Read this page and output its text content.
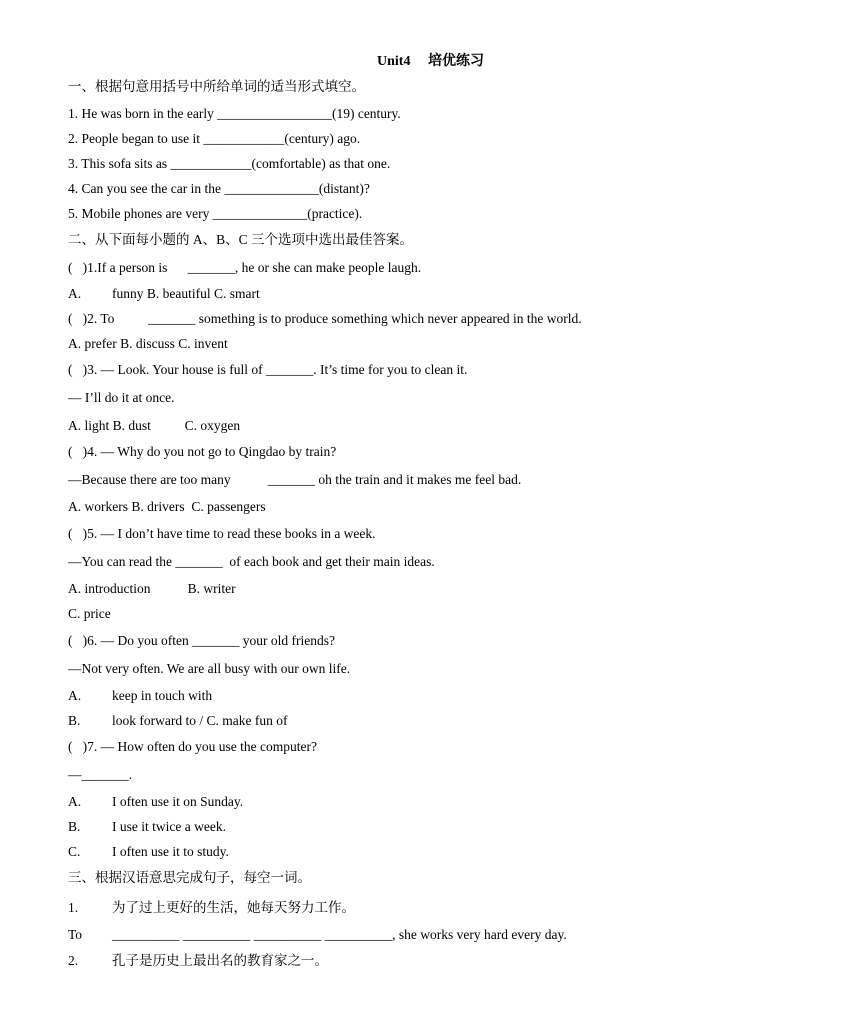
Unit4     培优练习
一、根据句意用括号中所给单词的适当形式填空。
1. He was born in the early _________________(19) century.
2. People began to use it ____________(century) ago.
3. This sofa sits as ____________(comfortable) as that one.
4. Can you see the car in the ______________(distant)?
5. Mobile phones are very ______________(practice).
二、从下面每小题的 A、B、C 三个选项中选出最佳答案。
(   )1.If a person is      _______, he or she can make people laugh.
A. funny B. beautiful C. smart
(   )2. To          _______ something is to produce something which never appeared in the world.
A. prefer B. discuss C. invent
(   )3. — Look. Your house is full of _______. It’s time for you to clean it.
— I’ll do it at once.
A. light B. dust          C. oxygen
(   )4. — Why do you not go to Qingdao by train?
—Because there are too many           _______ oh the train and it makes me feel bad.
A. workers B. drivers  C. passengers
(   )5. — I don’t have time to read these books in a week.
—You can read the _______  of each book and get their main ideas.
A. introduction           B. writer
C. price
(   )6. — Do you often _______ your old friends?
—Not very often. We are all busy with our own life.
A. keep in touch with
B. look forward to / C. make fun of
(   )7. — How often do you use the computer?
—_______.
A. I often use it on Sunday.
B. I use it twice a week.
C. I often use it to study.
三、根据汉语意思完成句子，每空一词。
1.	为了过上更好的生活，她每天努力工作。
To __________ __________ __________ __________, she works very hard every day.
2.	孔子是历史上最出名的教育家之一。
